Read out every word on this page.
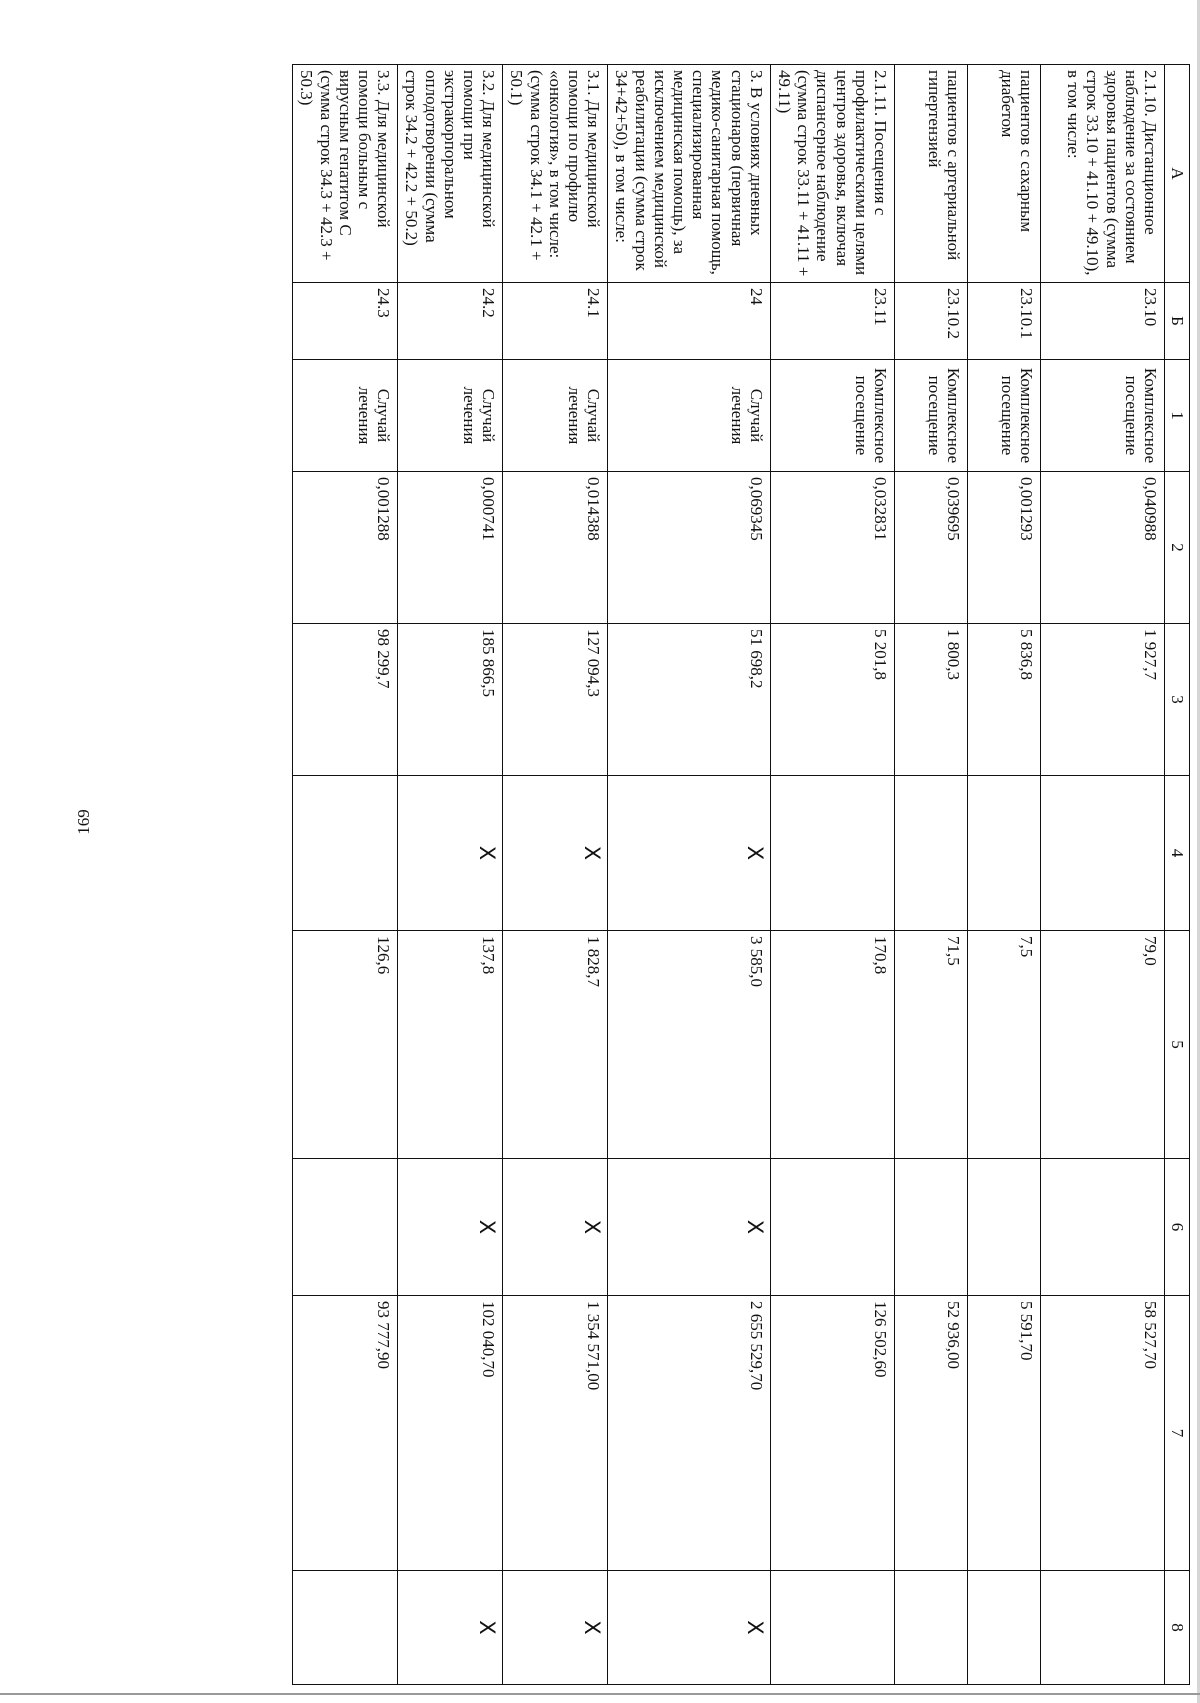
169
А	Б	1	2	3	4	5	6	7	8
2.1.10. Дистанционное наблюдение за состоянием здоровья пациентов (сумма строк 33.10 + 41.10 + 49.10), в том числе:	23.10	Комплексное посещение	0,040988	1 927,7		79,0		58 527,70	
пациентов с сахарным диабетом	23.10.1	Комплексное посещение	0,001293	5 836,8		7,5		5 591,70	
пациентов с артериальной гипертензией	23.10.2	Комплексное посещение	0,039695	1 800,3		71,5		52 936,00	
2.1.11. Посещения с профилактическими целями центров здоровья, включая диспансерное наблюдение (сумма строк 33.11 + 41.11 + 49.11)	23.11	Комплексное посещение	0,032831	5 201,8		170,8		126 502,60	
3. В условиях дневных стационаров (первичная медико-санитарная помощь, специализированная медицинская помощь), за исключением медицинской реабилитации (сумма строк 34+42+50), в том числе:	24	Случай лечения	0,069345	51 698,2	X	3 585,0	X	2 655 529,70	X
3.1. Для медицинской помощи по профилю «онкология», в том числе: (сумма строк 34.1 + 42.1 + 50.1)	24.1	Случай лечения	0,014388	127 094,3	X	1 828,7	X	1 354 571,00	X
3.2. Для медицинской помощи при экстракорпоральном оплодотворении (сумма строк 34.2 + 42.2 + 50.2)	24.2	Случай лечения	0,000741	185 866,5	X	137,8	X	102 040,70	X
3.3. Для медицинской помощи больным с вирусным гепатитом С (сумма строк 34.3 + 42.3 + 50.3)	24.3	Случай лечения	0,001288	98 299,7		126,6		93 777,90	
